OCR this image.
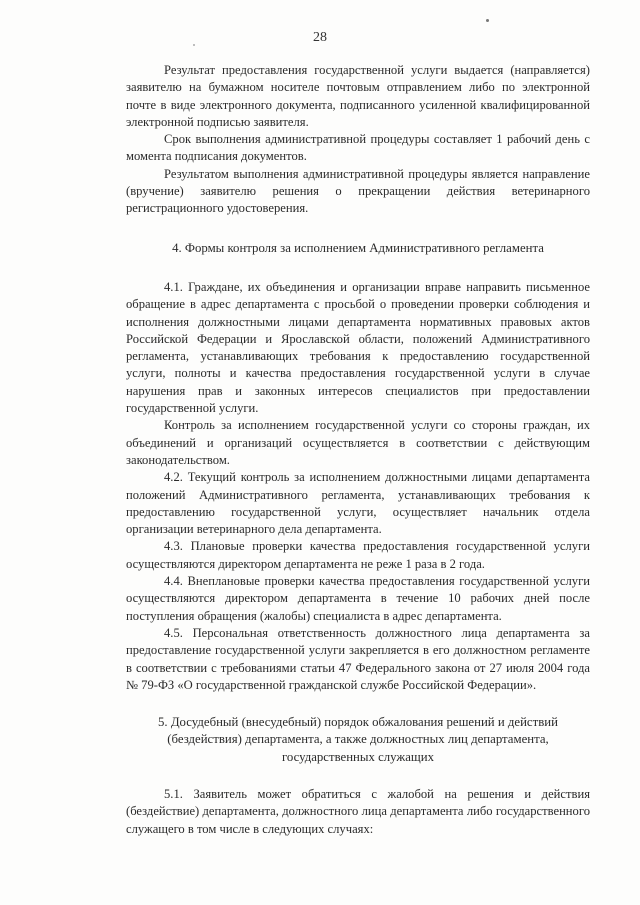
28

Результат предоставления государственной услуги выдается (направляется) заявителю на бумажном носителе почтовым отправлением либо по электронной почте в виде электронного документа, подписанного усиленной квалифицированной электронной подписью заявителя.

Срок выполнения административной процедуры составляет 1 рабочий день с момента подписания документов.

Результатом выполнения административной процедуры является направление (вручение) заявителю решения о прекращении действия ветеринарного регистрационного удостоверения.

4. Формы контроля за исполнением Административного регламента

4.1. Граждане, их объединения и организации вправе направить письменное обращение в адрес департамента с просьбой о проведении проверки соблюдения и исполнения должностными лицами департамента нормативных правовых актов Российской Федерации и Ярославской области, положений Административного регламента, устанавливающих требования к предоставлению государственной услуги, полноты и качества предоставления государственной услуги в случае нарушения прав и законных интересов специалистов при предоставлении государственной услуги.

Контроль за исполнением государственной услуги со стороны граждан, их объединений и организаций осуществляется в соответствии с действующим законодательством.

4.2. Текущий контроль за исполнением должностными лицами департамента положений Административного регламента, устанавливающих требования к предоставлению государственной услуги, осуществляет начальник отдела организации ветеринарного дела департамента.

4.3. Плановые проверки качества предоставления государственной услуги осуществляются директором департамента не реже 1 раза в 2 года.

4.4. Внеплановые проверки качества предоставления государственной услуги осуществляются директором департамента в течение 10 рабочих дней после поступления обращения (жалобы) специалиста в адрес департамента.

4.5. Персональная ответственность должностного лица департамента за предоставление государственной услуги закрепляется в его должностном регламенте в соответствии с требованиями статьи 47 Федерального закона от 27 июля 2004 года № 79-ФЗ «О государственной гражданской службе Российской Федерации».

5. Досудебный (внесудебный) порядок обжалования решений и действий
(бездействия) департамента, а также должностных лиц департамента,
государственных служащих

5.1. Заявитель может обратиться с жалобой на решения и действия (бездействие) департамента, должностного лица департамента либо государственного служащего в том числе в следующих случаях:
